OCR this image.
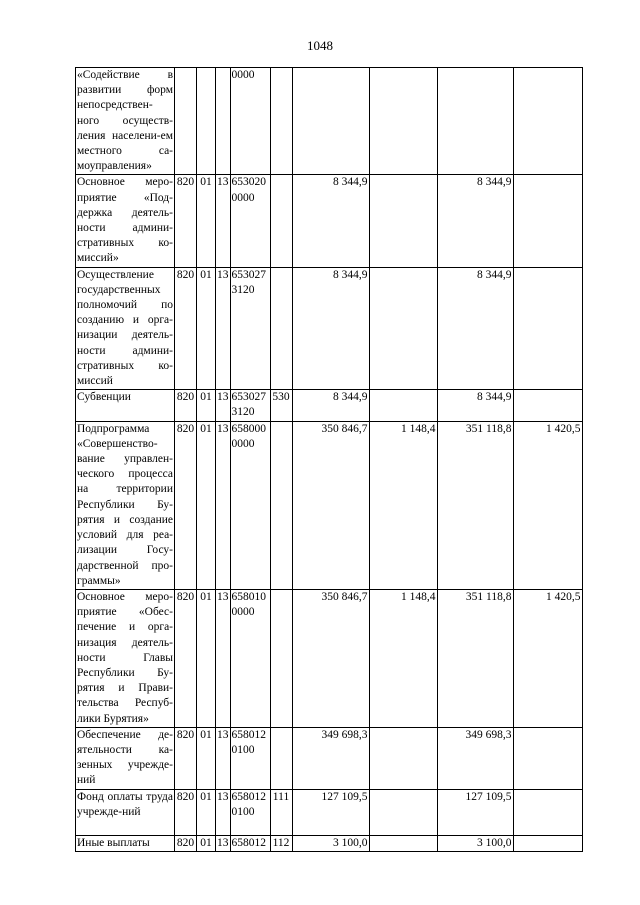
1048
«Содействие в развитии форм непосредствен-ного осуществ-ления населени-ем местного са-моуправления»				0000					
Основное меро-приятие «Под-держка деятель-ности админи-стративных ко-миссий»	820	01	13	6530200000		8 344,9		8 344,9	
Осуществление государственных полномочий по созданию и орга-низации деятель-ности админи-стративных ко-миссий	820	01	13	6530273120		8 344,9		8 344,9	
Субвенции	820	01	13	6530273120	530	8 344,9		8 344,9	
Подпрограмма «Совершенство-вание управлен-ческого процесса на территории Республики Бу-рятия и создание условий для реа-лизации Госу-дарственной про-граммы»	820	01	13	6580000000		350 846,7	1 148,4	351 118,8	1 420,5
Основное меро-приятие «Обес-печение и орга-низация деятель-ности Главы Республики Бу-рятия и Прави-тельства Респуб-лики Бурятия»	820	01	13	6580100000		350 846,7	1 148,4	351 118,8	1 420,5
Обеспечение де-ятельности ка-зенных учрежде-ний	820	01	13	6580120100		349 698,3		349 698,3	
Фонд оплаты труда учрежде-ний	820	01	13	6580120100	111	127 109,5		127 109,5	
Иные выплаты	820	01	13	658012	112	3 100,0		3 100,0	
